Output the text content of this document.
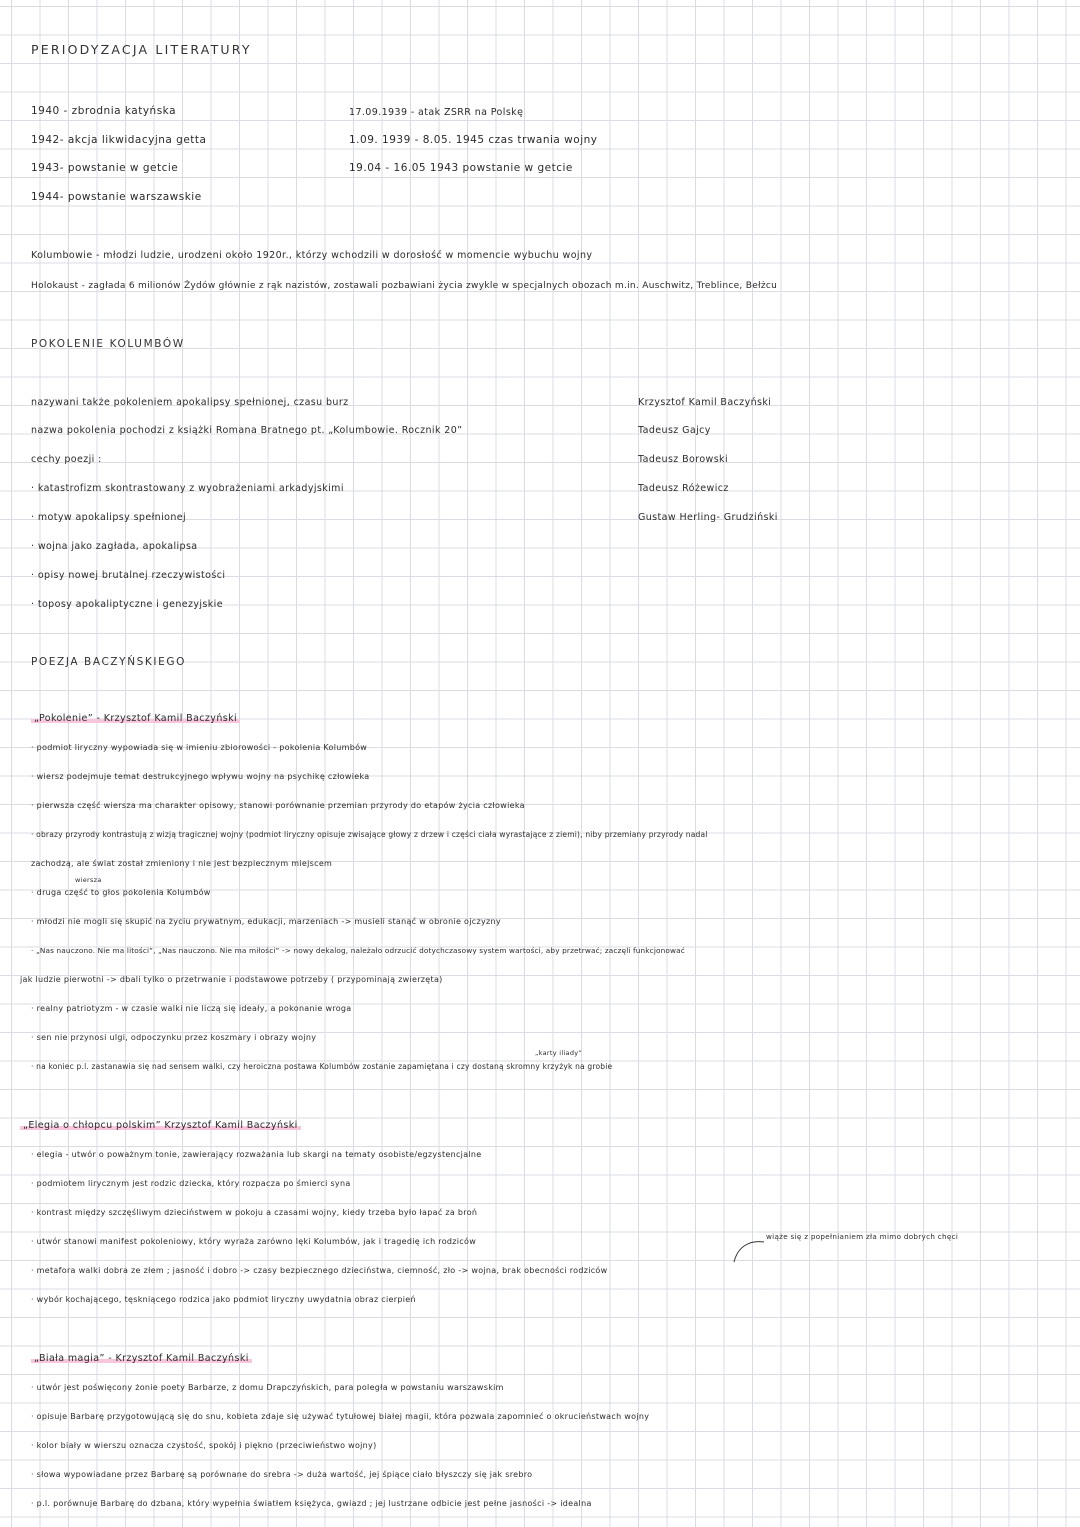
PERIODYZACJA LITERATURY
1940 - zbrodnia katyńska
1942- akcja likwidacyjna getta
1943- powstanie w getcie
1944- powstanie warszawskie
17.09.1939 - atak ZSRR na Polskę
1.09. 1939 - 8.05. 1945 czas trwania wojny
19.04 - 16.05 1943 powstanie w getcie
Kolumbowie - młodzi ludzie, urodzeni około 1920r., którzy wchodzili w dorosłość w momencie wybuchu wojny
Holokaust - zagłada 6 milionów Żydów głównie z rąk nazistów, zostawali pozbawiani życia zwykle w specjalnych obozach m.in. Auschwitz, Treblince, Bełżcu
POKOLENIE KOLUMBÓW
nazywani także pokoleniem apokalipsy spełnionej, czasu burz
nazwa pokolenia pochodzi z książki Romana Bratnego pt. „Kolumbowie. Rocznik 20”
cechy poezji :
· katastrofizm skontrastowany z wyobrażeniami arkadyjskimi
· motyw apokalipsy spełnionej
· wojna jako zagłada, apokalipsa
· opisy nowej brutalnej rzeczywistości
· toposy apokaliptyczne i genezyjskie
Krzysztof Kamil Baczyński
Tadeusz Gajcy
Tadeusz Borowski
Tadeusz Różewicz
Gustaw Herling- Grudziński
POEZJA BACZYŃSKIEGO
„Pokolenie” - Krzysztof Kamil Baczyński
· podmiot liryczny wypowiada się w imieniu zbiorowości - pokolenia Kolumbów
· wiersz podejmuje temat destrukcyjnego wpływu wojny na psychikę człowieka
· pierwsza część wiersza ma charakter opisowy, stanowi porównanie przemian przyrody do etapów życia człowieka
· obrazy przyrody kontrastują z wizją tragicznej wojny (podmiot liryczny opisuje zwisające głowy z drzew i części ciała wyrastające z ziemi), niby przemiany przyrody nadal
zachodzą, ale świat został zmieniony i nie jest bezpiecznym miejscem
wiersza
· druga część to głos pokolenia Kolumbów
· młodzi nie mogli się skupić na życiu prywatnym, edukacji, marzeniach -> musieli stanąć w obronie ojczyzny
· „Nas nauczono. Nie ma litości”, „Nas nauczono. Nie ma miłości” -> nowy dekalog, należało odrzucić dotychczasowy system wartości, aby przetrwać; zaczęli funkcjonować
jak ludzie pierwotni -> dbali tylko o przetrwanie i podstawowe potrzeby ( przypominają zwierzęta)
· realny patriotyzm - w czasie walki nie liczą się ideały, a pokonanie wroga
· sen nie przynosi ulgi, odpoczynku przez koszmary i obrazy wojny
„karty iliady”
· na koniec p.l. zastanawia się nad sensem walki, czy heroiczna postawa Kolumbów zostanie zapamiętana i czy dostaną skromny krzyżyk na grobie
„Elegia o chłopcu polskim” Krzysztof Kamil Baczyński
· elegia - utwór o poważnym tonie, zawierający rozważania lub skargi na tematy osobiste/egzystencjalne
· podmiotem lirycznym jest rodzic dziecka, który rozpacza po śmierci syna
· kontrast między szczęśliwym dzieciństwem w pokoju a czasami wojny, kiedy trzeba było łapać za broń
· utwór stanowi manifest pokoleniowy, który wyraża zarówno lęki Kolumbów, jak i tragedię ich rodziców
wiąże się z popełnianiem zła mimo dobrych chęci
· metafora walki dobra ze złem ; jasność i dobro -> czasy bezpiecznego dzieciństwa, ciemność, zło -> wojna, brak obecności rodziców
· wybór kochającego, tęskniącego rodzica jako podmiot liryczny uwydatnia obraz cierpień
„Biała magia” - Krzysztof Kamil Baczyński
· utwór jest poświęcony żonie poety Barbarze, z domu Drapczyńskich, para poległa w powstaniu warszawskim
· opisuje Barbarę przygotowującą się do snu, kobieta zdaje się używać tytułowej białej magii, która pozwala zapomnieć o okrucieństwach wojny
· kolor biały w wierszu oznacza czystość, spokój i piękno (przeciwieństwo wojny)
· słowa wypowiadane przez Barbarę są porównane do srebra -> duża wartość, jej śpiące ciało błyszczy się jak srebro
· p.l. porównuje Barbarę do dzbana, który wypełnia światłem księżyca, gwiazd ; jej lustrzane odbicie jest pełne jasności -> idealna
